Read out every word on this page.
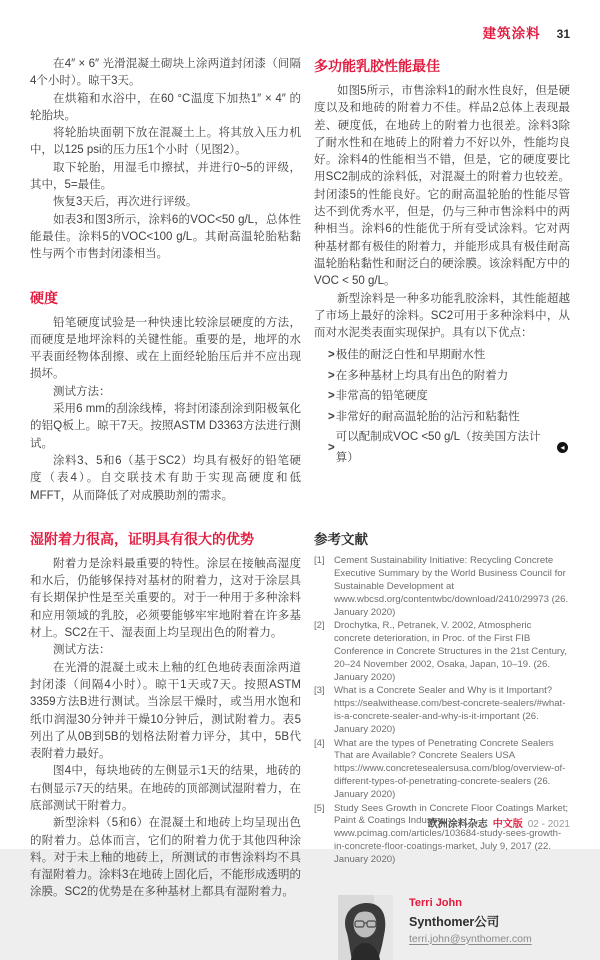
建筑涂料 31

在4″ × 6″ 光滑混凝土砌块上涂两道封闭漆（间隔4个小时）。晾干3天。

在烘箱和水浴中，在60 °C温度下加热1″ × 4″ 的轮胎块。

将轮胎块面朝下放在混凝土上。将其放入压力机中，以125 psi的压力压1个小时（见图2）。

取下轮胎，用湿毛巾擦拭，并进行0~5的评级，其中，5=最佳。

恢复3天后，再次进行评级。

如表3和图3所示，涂料6的VOC<50 g/L，总体性能最佳。涂料5的VOC<100 g/L。其耐高温轮胎粘黏性与两个市售封闭漆相当。

硬度

铅笔硬度试验是一种快速比较涂层硬度的方法，而硬度是地坪涂料的关键性能。重要的是，地坪的水平表面经物体刮擦、或在上面经轮胎压后并不应出现损坏。

测试方法：

采用6 mm的刮涂线棒，将封闭漆刮涂到阳极氧化的铝Q板上。晾干7天。按照ASTM D3363方法进行测试。

涂料3、5和6（基于SC2）均具有极好的铅笔硬度（表4）。自交联技术有助于实现高硬度和低MFFT，从而降低了对成膜助剂的需求。

湿附着力很高，证明具有很大的优势

附着力是涂料最重要的特性。涂层在接触高湿度和水后，仍能够保持对基材的附着力，这对于涂层具有长期保护性是至关重要的。对于一种用于多种涂料和应用领域的乳胶，必须要能够牢牢地附着在许多基材上。SC2在干、湿表面上均呈现出色的附着力。

测试方法：

在光滑的混凝土或未上釉的红色地砖表面涂两道封闭漆（间隔4小时）。晾干1天或7天。按照ASTM 3359方法B进行测试。当涂层干燥时，或当用水饱和纸巾润湿30分钟并干燥10分钟后，测试附着力。表5列出了从0B到5B的划格法附着力评分，其中，5B代表附着力最好。

图4中，每块地砖的左侧显示1天的结果，地砖的右侧显示7天的结果。在地砖的顶部测试湿附着力，在底部测试干附着力。

新型涂料（5和6）在混凝土和地砖上均呈现出色的附着力。总体而言，它们的附着力优于其他四种涂料。对于未上釉的地砖上，所测试的市售涂料均不具有湿附着力。涂料3在地砖上固化后，不能形成透明的涂膜。SC2的优势是在多种基材上都具有湿附着力。

多功能乳胶性能最佳

如图5所示，市售涂料1的耐水性良好，但是硬度以及和地砖的附着力不佳。样品2总体上表现最差、硬度低，在地砖上的附着力也很差。涂料3除了耐水性和在地砖上的附着力不好以外，性能均良好。涂料4的性能相当不错，但是，它的硬度要比用SC2制成的涂料低，对混凝土的附着力也较差。封闭漆5的性能良好。它的耐高温轮胎的性能尽管达不到优秀水平，但是，仍与三种市售涂料中的两种相当。涂料6的性能优于所有受试涂料。它对两种基材都有极佳的附着力，并能形成具有极佳耐高温轮胎粘黏性和耐泛白的硬涂膜。该涂料配方中的VOC < 50 g/L。

新型涂料是一种多功能乳胶涂料，其性能超越了市场上最好的涂料。SC2可用于多种涂料中，从而对水泥类表面实现保护。具有以下优点：

> 极佳的耐泛白性和早期耐水性
> 在多种基材上均具有出色的附着力
> 非常高的铅笔硬度
> 非常好的耐高温轮胎的沾污和粘黏性
>
可以配制成VOC <50 g/L（按美国方法计算）
◂
参考文献
[1] Cement Sustainability Initiative: Recycling Concrete Executive Summary by the World Business Council for Sustainable Development at www.wbcsd.org/contentwbc/download/2410/29973 (26. January 2020)
[2] Drochytka, R., Petranek, V. 2002, Atmospheric concrete deterioration, in Proc. of the First FIB Conference in Concrete Structures in the 21st Century, 20–24 November 2002, Osaka, Japan, 10–19. (26. January 2020)
[3] What is a Concrete Sealer and Why is it Important? https://sealwithease.com/best-concrete-sealers/#what-is-a-concrete-sealer-and-why-is-it-important (26. January 2020)
[4] What are the types of Penetrating Concrete Sealers That are Available? Concrete Sealers USA https://www.concretesealersusa.com/blog/overview-of-different-types-of-penetrating-concrete-sealers (26. January 2020)
[5] Study Sees Growth in Concrete Floor Coatings Market; Paint & Coatings Industry, www.pcimag.com/articles/103684-study-sees-growth-in-concrete-floor-coatings-market, July 9, 2017 (22. January 2020)
Terri John
Synthomer公司
terri.john@synthomer.com
欧洲涂料杂志 中文版 02 - 2021
